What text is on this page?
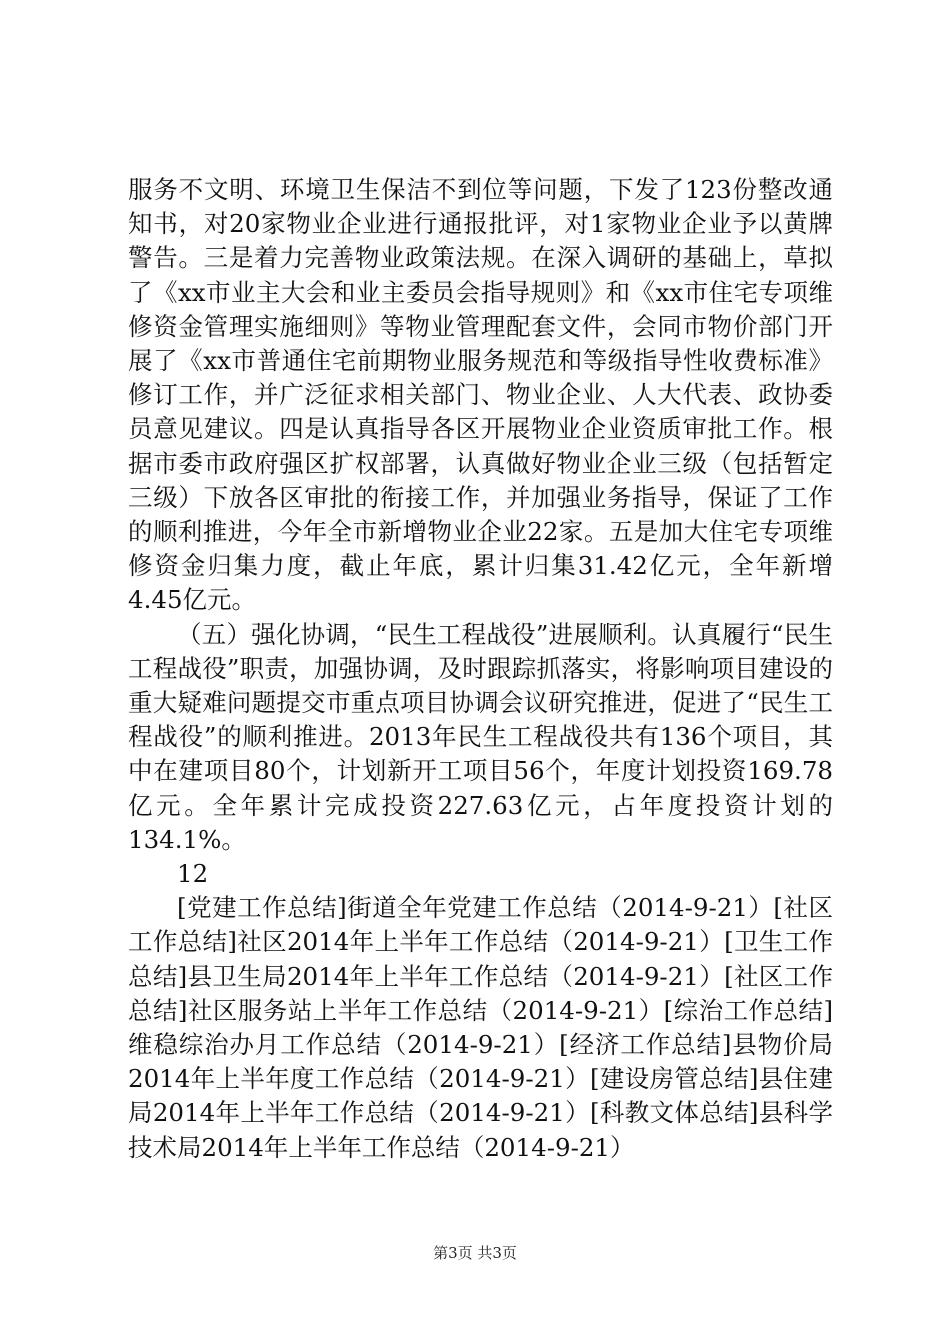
服务不文明、环境卫生保洁不到位等问题，下发了123份整改通知书，对20家物业企业进行通报批评，对1家物业企业予以黄牌警告。三是着力完善物业政策法规。在深入调研的基础上，草拟了《xx市业主大会和业主委员会指导规则》和《xx市住宅专项维修资金管理实施细则》等物业管理配套文件，会同市物价部门开展了《xx市普通住宅前期物业服务规范和等级指导性收费标准》修订工作，并广泛征求相关部门、物业企业、人大代表、政协委员意见建议。四是认真指导各区开展物业企业资质审批工作。根据市委市政府强区扩权部署，认真做好物业企业三级（包括暂定三级）下放各区审批的衔接工作，并加强业务指导，保证了工作的顺利推进，今年全市新增物业企业22家。五是加大住宅专项维修资金归集力度，截止年底，累计归集31.42亿元，全年新增4.45亿元。

（五）强化协调，“民生工程战役”进展顺利。认真履行“民生工程战役”职责，加强协调，及时跟踪抓落实，将影响项目建设的重大疑难问题提交市重点项目协调会议研究推进，促进了“民生工程战役”的顺利推进。2013年民生工程战役共有136个项目，其中在建项目80个，计划新开工项目56个，年度计划投资169.78亿元。全年累计完成投资227.63亿元，占年度投资计划的134.1%。

12

[党建工作总结]街道全年党建工作总结（2014-9-21）[社区工作总结]社区2014年上半年工作总结（2014-9-21）[卫生工作总结]县卫生局2014年上半年工作总结（2014-9-21）[社区工作总结]社区服务站上半年工作总结（2014-9-21）[综治工作总结]维稳综治办月工作总结（2014-9-21）[经济工作总结]县物价局2014年上半年度工作总结（2014-9-21）[建设房管总结]县住建局2014年上半年工作总结（2014-9-21）[科教文体总结]县科学技术局2014年上半年工作总结（2014-9-21）

第3页 共3页
